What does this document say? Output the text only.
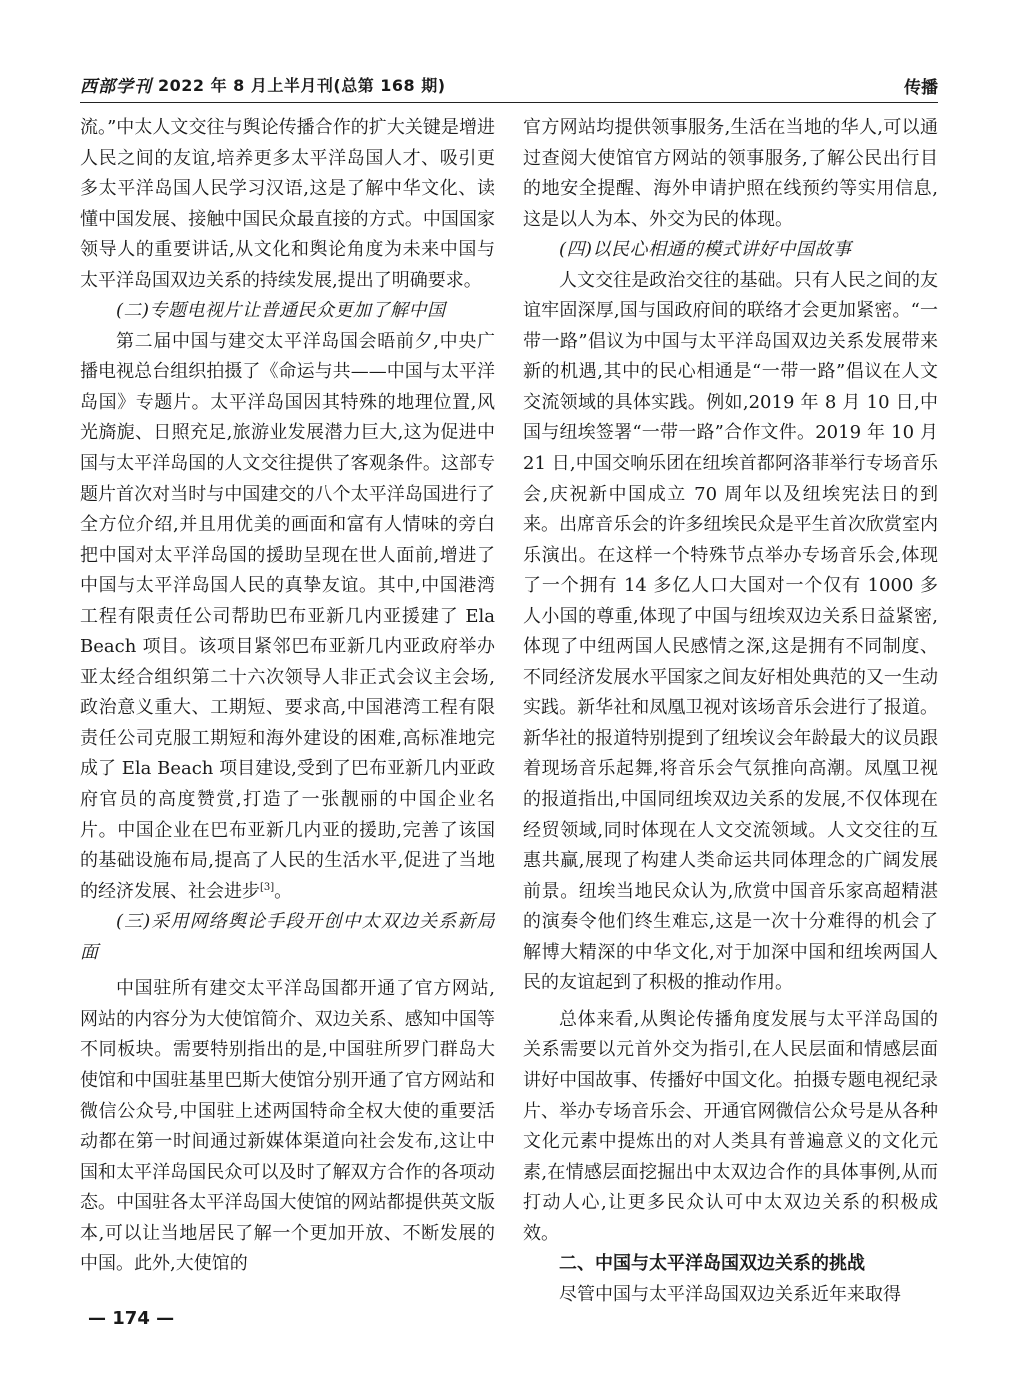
西部学刊 2022 年 8 月上半月刊(总第 168 期)	传播

流。”中太人文交往与舆论传播合作的扩大关键是增进人民之间的友谊,培养更多太平洋岛国人才、吸引更多太平洋岛国人民学习汉语,这是了解中华文化、读懂中国发展、接触中国民众最直接的方式。中国国家领导人的重要讲话,从文化和舆论角度为未来中国与太平洋岛国双边关系的持续发展,提出了明确要求。

(二)专题电视片让普通民众更加了解中国

第二届中国与建交太平洋岛国会晤前夕,中央广播电视总台组织拍摄了《命运与共——中国与太平洋岛国》专题片。太平洋岛国因其特殊的地理位置,风光旖旎、日照充足,旅游业发展潜力巨大,这为促进中国与太平洋岛国的人文交往提供了客观条件。这部专题片首次对当时与中国建交的八个太平洋岛国进行了全方位介绍,并且用优美的画面和富有人情味的旁白把中国对太平洋岛国的援助呈现在世人面前,增进了中国与太平洋岛国人民的真挚友谊。其中,中国港湾工程有限责任公司帮助巴布亚新几内亚援建了 Ela Beach 项目。该项目紧邻巴布亚新几内亚政府举办亚太经合组织第二十六次领导人非正式会议主会场,政治意义重大、工期短、要求高,中国港湾工程有限责任公司克服工期短和海外建设的困难,高标准地完成了 Ela Beach 项目建设,受到了巴布亚新几内亚政府官员的高度赞赏,打造了一张靓丽的中国企业名片。中国企业在巴布亚新几内亚的援助,完善了该国的基础设施布局,提高了人民的生活水平,促进了当地的经济发展、社会进步[3]。

(三)采用网络舆论手段开创中太双边关系新局面

中国驻所有建交太平洋岛国都开通了官方网站,网站的内容分为大使馆简介、双边关系、感知中国等不同板块。需要特别指出的是,中国驻所罗门群岛大使馆和中国驻基里巴斯大使馆分别开通了官方网站和微信公众号,中国驻上述两国特命全权大使的重要活动都在第一时间通过新媒体渠道向社会发布,这让中国和太平洋岛国民众可以及时了解双方合作的各项动态。中国驻各太平洋岛国大使馆的网站都提供英文版本,可以让当地居民了解一个更加开放、不断发展的中国。此外,大使馆的

官方网站均提供领事服务,生活在当地的华人,可以通过查阅大使馆官方网站的领事服务,了解公民出行目的地安全提醒、海外申请护照在线预约等实用信息,这是以人为本、外交为民的体现。

(四)以民心相通的模式讲好中国故事

人文交往是政治交往的基础。只有人民之间的友谊牢固深厚,国与国政府间的联络才会更加紧密。“一带一路”倡议为中国与太平洋岛国双边关系发展带来新的机遇,其中的民心相通是“一带一路”倡议在人文交流领域的具体实践。例如,2019 年 8 月 10 日,中国与纽埃签署“一带一路”合作文件。2019 年 10 月 21 日,中国交响乐团在纽埃首都阿洛菲举行专场音乐会,庆祝新中国成立 70 周年以及纽埃宪法日的到来。出席音乐会的许多纽埃民众是平生首次欣赏室内乐演出。在这样一个特殊节点举办专场音乐会,体现了一个拥有 14 多亿人口大国对一个仅有 1000 多人小国的尊重,体现了中国与纽埃双边关系日益紧密,体现了中纽两国人民感情之深,这是拥有不同制度、不同经济发展水平国家之间友好相处典范的又一生动实践。新华社和凤凰卫视对该场音乐会进行了报道。新华社的报道特别提到了纽埃议会年龄最大的议员跟着现场音乐起舞,将音乐会气氛推向高潮。凤凰卫视的报道指出,中国同纽埃双边关系的发展,不仅体现在经贸领域,同时体现在人文交流领域。人文交往的互惠共赢,展现了构建人类命运共同体理念的广阔发展前景。纽埃当地民众认为,欣赏中国音乐家高超精湛的演奏令他们终生难忘,这是一次十分难得的机会了解博大精深的中华文化,对于加深中国和纽埃两国人民的友谊起到了积极的推动作用。

总体来看,从舆论传播角度发展与太平洋岛国的关系需要以元首外交为指引,在人民层面和情感层面讲好中国故事、传播好中国文化。拍摄专题电视纪录片、举办专场音乐会、开通官网微信公众号是从各种文化元素中提炼出的对人类具有普遍意义的文化元素,在情感层面挖掘出中太双边合作的具体事例,从而打动人心,让更多民众认可中太双边关系的积极成效。

二、中国与太平洋岛国双边关系的挑战

尽管中国与太平洋岛国双边关系近年来取得

— 174 —
